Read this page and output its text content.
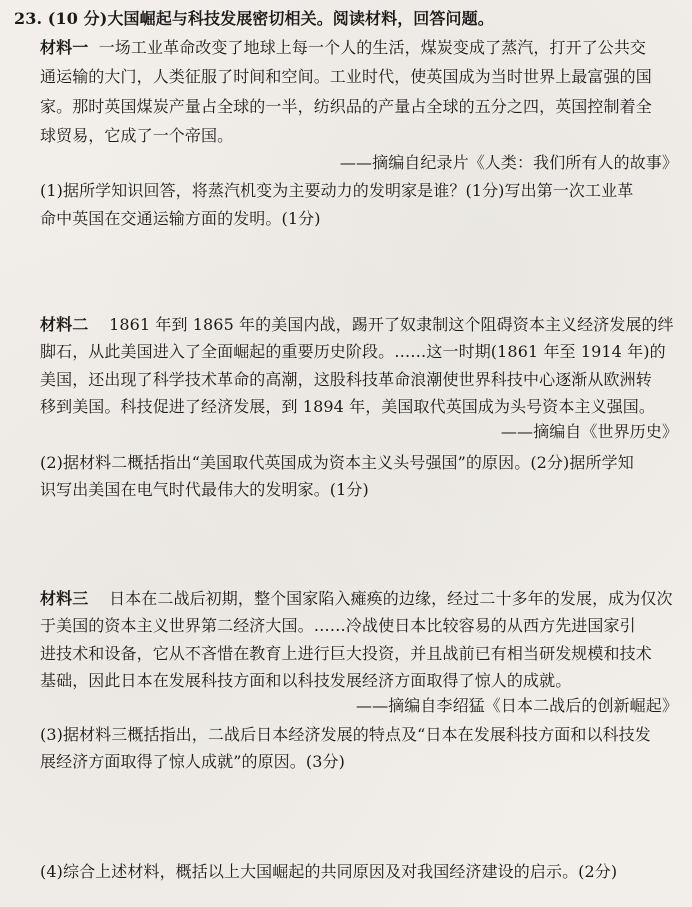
23. (10 分)大国崛起与科技发展密切相关。阅读材料，回答问题。
材料一 一场工业革命改变了地球上每一个人的生活，煤炭变成了蒸汽，打开了公共交
通运输的大门，人类征服了时间和空间。工业时代，使英国成为当时世界上最富强的国
家。那时英国煤炭产量占全球的一半，纺织品的产量占全球的五分之四，英国控制着全
球贸易，它成了一个帝国。
——摘编自纪录片《人类：我们所有人的故事》
(1)据所学知识回答，将蒸汽机变为主要动力的发明家是谁？(1分)写出第一次工业革
命中英国在交通运输方面的发明。(1分)
材料二 1861 年到 1865 年的美国内战，踢开了奴隶制这个阻碍资本主义经济发展的绊
脚石，从此美国进入了全面崛起的重要历史阶段。……这一时期(1861 年至 1914 年)的
美国，还出现了科学技术革命的高潮，这股科技革命浪潮使世界科技中心逐渐从欧洲转
移到美国。科技促进了经济发展，到 1894 年，美国取代英国成为头号资本主义强国。
——摘编自《世界历史》
(2)据材料二概括指出“美国取代英国成为资本主义头号强国”的原因。(2分)据所学知
识写出美国在电气时代最伟大的发明家。(1分)
材料三 日本在二战后初期，整个国家陷入瘫痪的边缘，经过二十多年的发展，成为仅次
于美国的资本主义世界第二经济大国。……冷战使日本比较容易的从西方先进国家引
进技术和设备，它从不吝惜在教育上进行巨大投资，并且战前已有相当研发规模和技术
基础，因此日本在发展科技方面和以科技发展经济方面取得了惊人的成就。
——摘编自李绍猛《日本二战后的创新崛起》
(3)据材料三概括指出，二战后日本经济发展的特点及“日本在发展科技方面和以科技发
展经济方面取得了惊人成就”的原因。(3分)
(4)综合上述材料，概括以上大国崛起的共同原因及对我国经济建设的启示。(2分)
